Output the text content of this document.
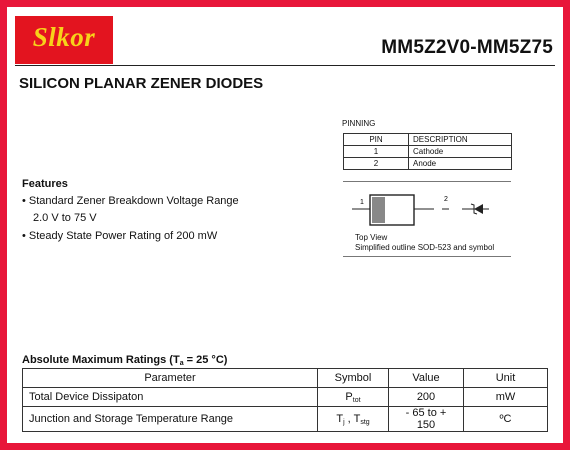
Slkor	MM5Z2V0-MM5Z75
SILICON PLANAR ZENER DIODES
PINNING
PIN	DESCRIPTION
1	Cathode
2	Anode
1	2
Top View
Simplified outline SOD-523 and symbol
Features
• Standard Zener Breakdown Voltage Range
2.0 V to 75 V
• Steady State Power Rating of 200 mW
Absolute Maximum Ratings ($T_a = 25$ °C)
Parameter	Symbol	Value	Unit
Total Device Dissipaton	$P_{tot}$	200	mW
Junction and Storage Temperature Range	$T_j$ , $T_{stg}$	- 65 to + 150	ºC
